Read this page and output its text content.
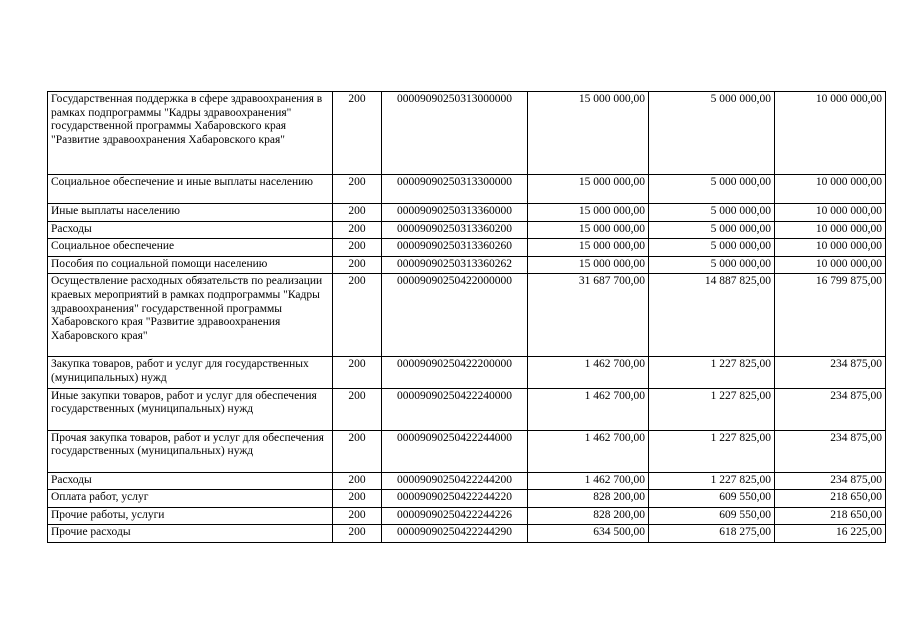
Государственная поддержка в сфере здравоохранения в рамках подпрограммы "Кадры здравоохранения" государственной программы Хабаровского края "Развитие здравоохранения Хабаровского края"	200	00009090250313000000	15 000 000,00	5 000 000,00	10 000 000,00
Социальное обеспечение и иные выплаты населению	200	00009090250313300000	15 000 000,00	5 000 000,00	10 000 000,00
Иные выплаты населению	200	00009090250313360000	15 000 000,00	5 000 000,00	10 000 000,00
Расходы	200	00009090250313360200	15 000 000,00	5 000 000,00	10 000 000,00
Социальное обеспечение	200	00009090250313360260	15 000 000,00	5 000 000,00	10 000 000,00
Пособия по социальной помощи населению	200	00009090250313360262	15 000 000,00	5 000 000,00	10 000 000,00
Осуществление расходных обязательств по реализации краевых мероприятий в рамках подпрограммы "Кадры здравоохранения" государственной программы Хабаровского края "Развитие здравоохранения Хабаровского края"	200	00009090250422000000	31 687 700,00	14 887 825,00	16 799 875,00
Закупка товаров, работ и услуг для государственных (муниципальных) нужд	200	00009090250422200000	1 462 700,00	1 227 825,00	234 875,00
Иные закупки товаров, работ и услуг для обеспечения государственных (муниципальных) нужд	200	00009090250422240000	1 462 700,00	1 227 825,00	234 875,00
Прочая закупка товаров, работ и услуг для обеспечения государственных (муниципальных) нужд	200	00009090250422244000	1 462 700,00	1 227 825,00	234 875,00
Расходы	200	00009090250422244200	1 462 700,00	1 227 825,00	234 875,00
Оплата работ, услуг	200	00009090250422244220	828 200,00	609 550,00	218 650,00
Прочие работы, услуги	200	00009090250422244226	828 200,00	609 550,00	218 650,00
Прочие расходы	200	00009090250422244290	634 500,00	618 275,00	16 225,00
